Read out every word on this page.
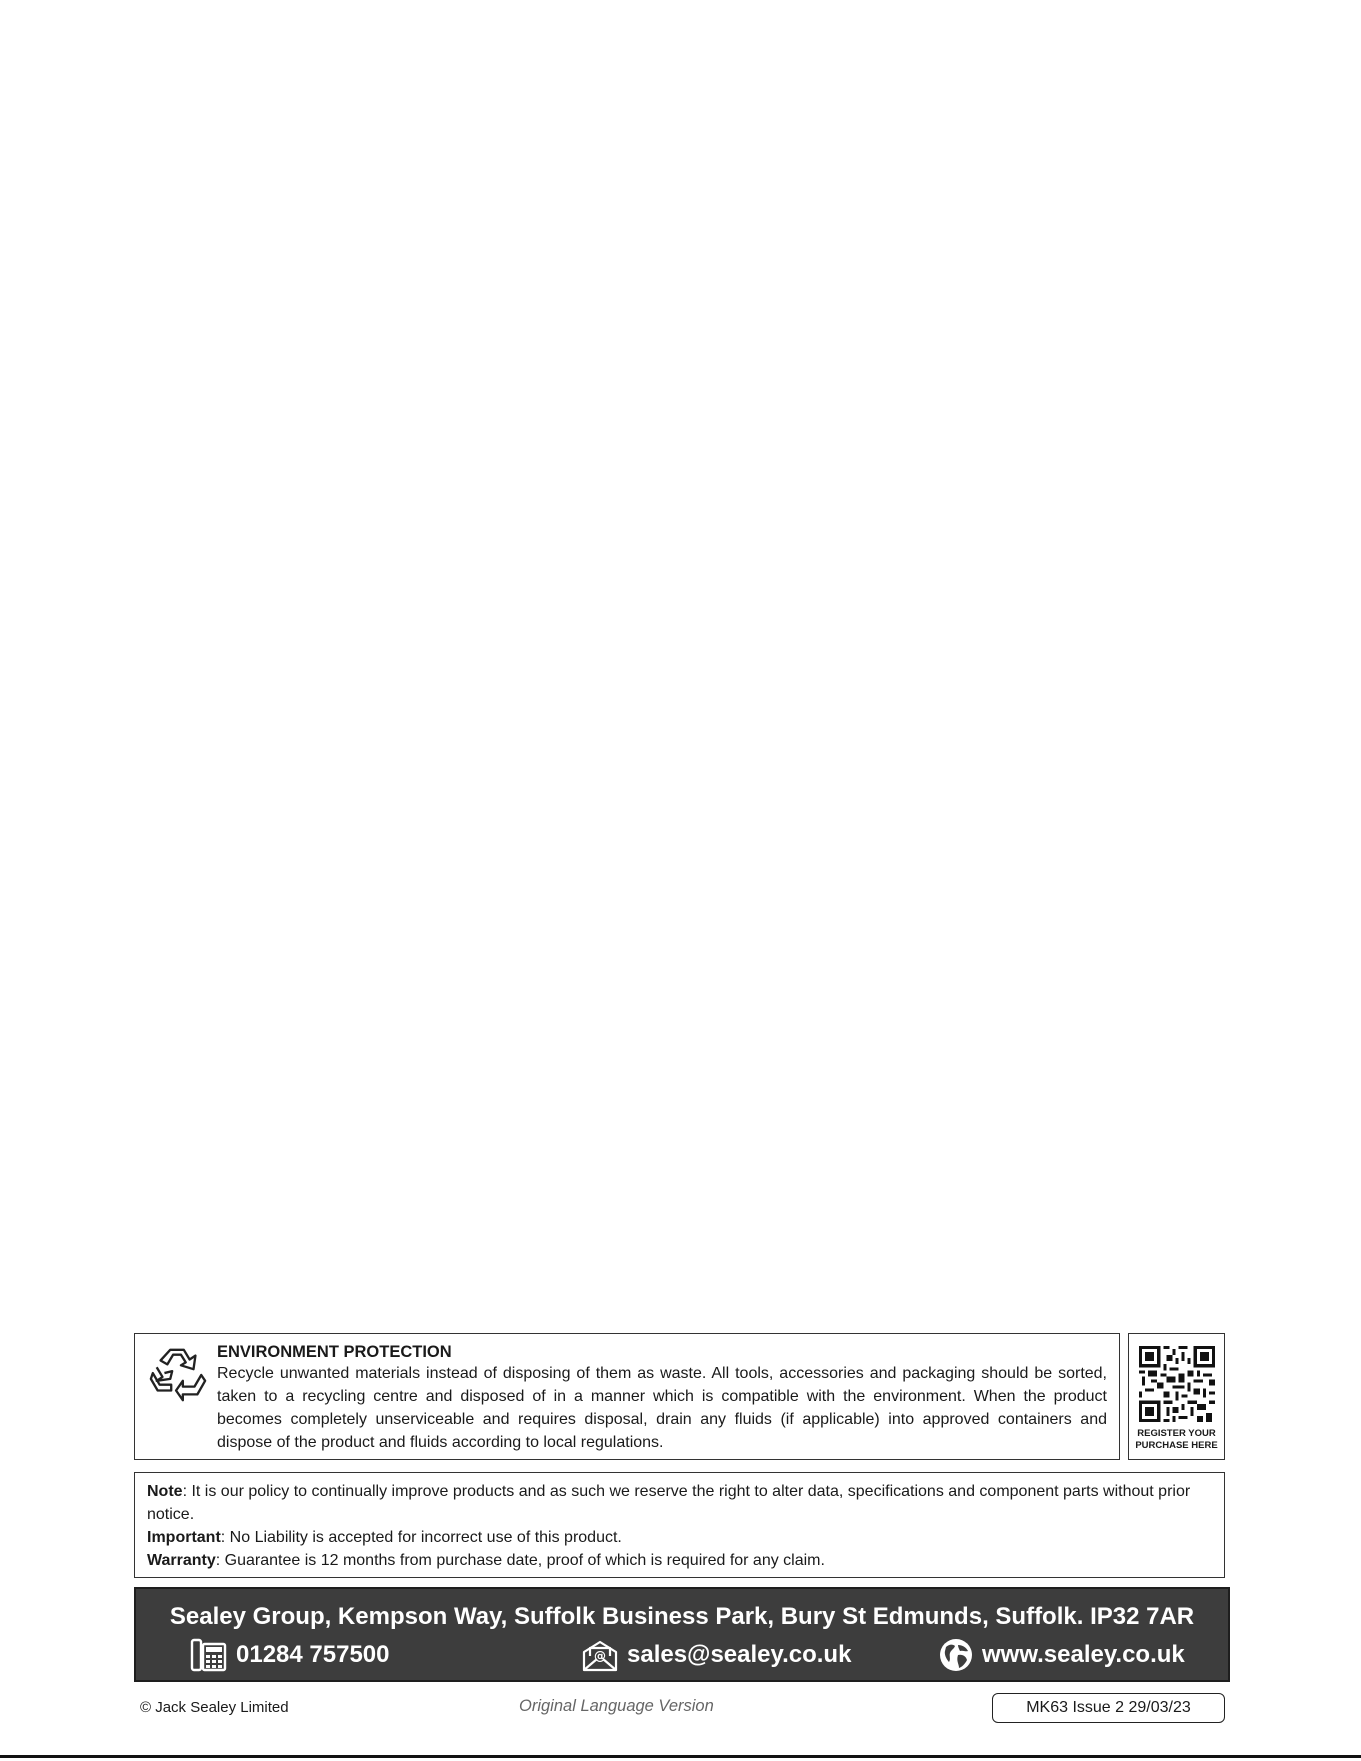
ENVIRONMENT PROTECTION
Recycle unwanted materials instead of disposing of them as waste. All tools, accessories and packaging should be sorted, taken to a recycling centre and disposed of in a manner which is compatible with the environment. When the product becomes completely unserviceable and requires disposal, drain any fluids (if applicable) into approved containers and dispose of the product and fluids according to local regulations.
REGISTER YOUR
PURCHASE HERE
Note: It is our policy to continually improve products and as such we reserve the right to alter data, specifications and component parts without prior notice.
Important: No Liability is accepted for incorrect use of this product.
Warranty: Guarantee is 12 months from purchase date, proof of which is required for any claim.
Sealey Group, Kempson Way, Suffolk Business Park, Bury St Edmunds, Suffolk. IP32 7AR
01284 757500	@ sales@sealey.co.uk	www.sealey.co.uk
© Jack Sealey Limited	Original Language Version	MK63 Issue 2 29/03/23
